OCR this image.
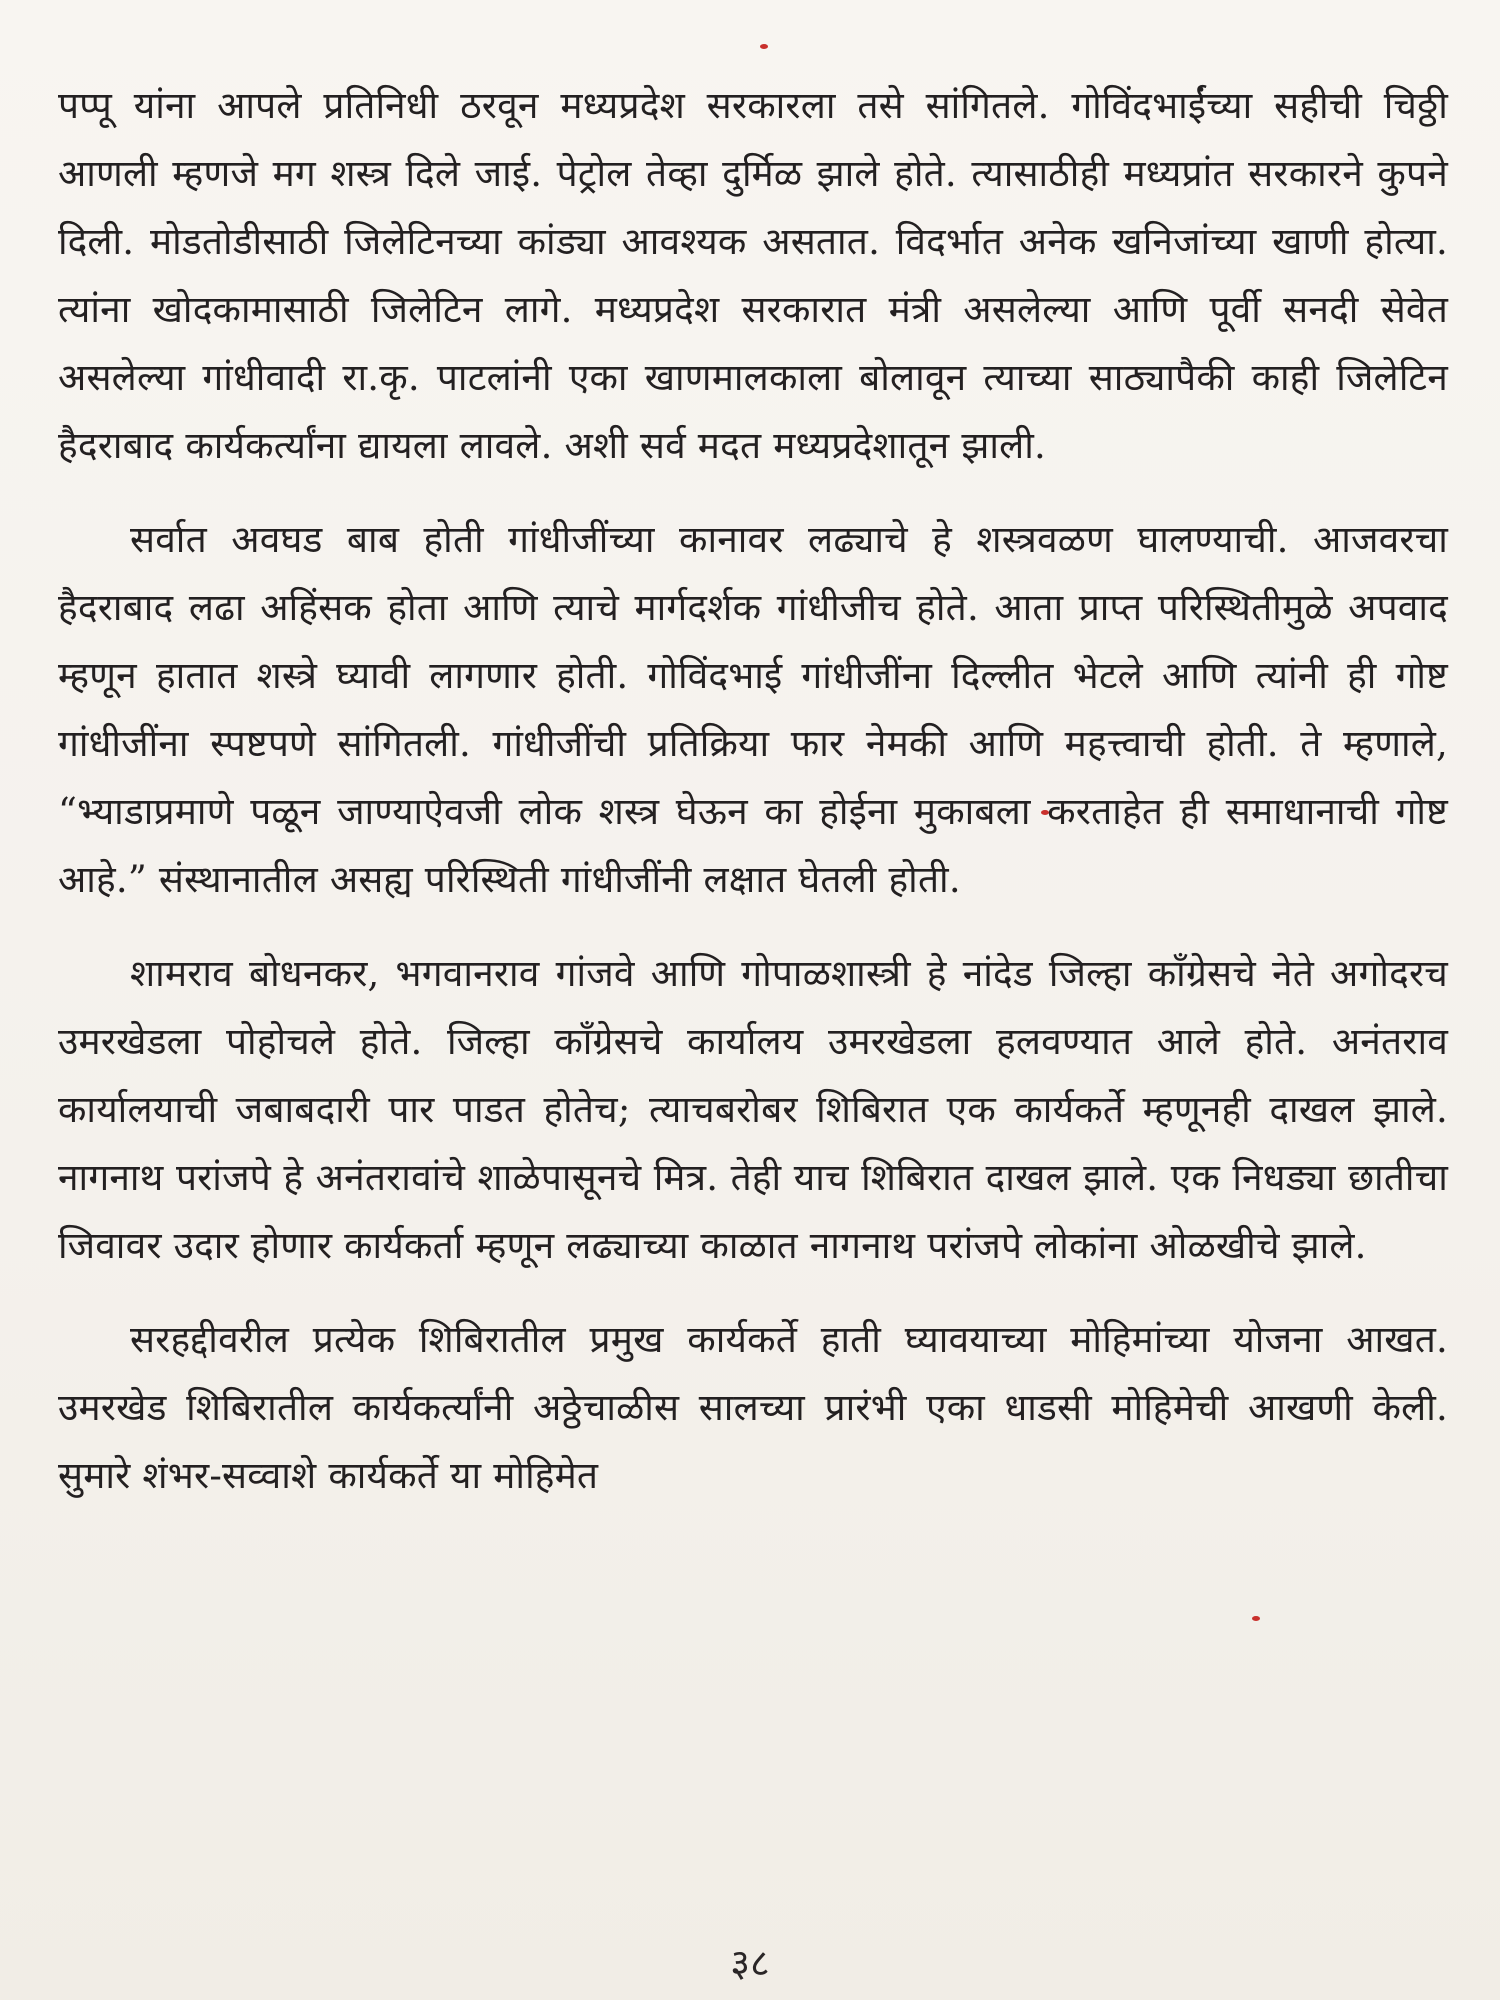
पप्पू यांना आपले प्रतिनिधी ठरवून मध्यप्रदेश सरकारला तसे सांगितले. गोविंदभाईंच्या सहीची चिठ्ठी आणली म्हणजे मग शस्त्र दिले जाई. पेट्रोल तेव्हा दुर्मिळ झाले होते. त्यासाठीही मध्यप्रांत सरकारने कुपने दिली. मोडतोडीसाठी जिलेटिनच्या कांड्या आवश्यक असतात. विदर्भात अनेक खनिजांच्या खाणी होत्या. त्यांना खोदकामासाठी जिलेटिन लागे. मध्यप्रदेश सरकारात मंत्री असलेल्या आणि पूर्वी सनदी सेवेत असलेल्या गांधीवादी रा.कृ. पाटलांनी एका खाणमालकाला बोलावून त्याच्या साठ्यापैकी काही जिलेटिन हैदराबाद कार्यकर्त्यांना द्यायला लावले. अशी सर्व मदत मध्यप्रदेशातून झाली.

सर्वात अवघड बाब होती गांधीजींच्या कानावर लढ्याचे हे शस्त्रवळण घालण्याची. आजवरचा हैदराबाद लढा अहिंसक होता आणि त्याचे मार्गदर्शक गांधीजीच होते. आता प्राप्त परिस्थितीमुळे अपवाद म्हणून हातात शस्त्रे घ्यावी लागणार होती. गोविंदभाई गांधीजींना दिल्लीत भेटले आणि त्यांनी ही गोष्ट गांधीजींना स्पष्टपणे सांगितली. गांधीजींची प्रतिक्रिया फार नेमकी आणि महत्त्वाची होती. ते म्हणाले, “भ्याडाप्रमाणे पळून जाण्याऐवजी लोक शस्त्र घेऊन का होईना मुकाबला करताहेत ही समाधानाची गोष्ट आहे.” संस्थानातील असह्य परिस्थिती गांधीजींनी लक्षात घेतली होती.

शामराव बोधनकर, भगवानराव गांजवे आणि गोपाळशास्त्री हे नांदेड जिल्हा काँग्रेसचे नेते अगोदरच उमरखेडला पोहोचले होते. जिल्हा काँग्रेसचे कार्यालय उमरखेडला हलवण्यात आले होते. अनंतराव कार्यालयाची जबाबदारी पार पाडत होतेच; त्याचबरोबर शिबिरात एक कार्यकर्ते म्हणूनही दाखल झाले. नागनाथ परांजपे हे अनंतरावांचे शाळेपासूनचे मित्र. तेही याच शिबिरात दाखल झाले. एक निधड्या छातीचा जिवावर उदार होणार कार्यकर्ता म्हणून लढ्याच्या काळात नागनाथ परांजपे लोकांना ओळखीचे झाले.

सरहद्दीवरील प्रत्येक शिबिरातील प्रमुख कार्यकर्ते हाती घ्यावयाच्या मोहिमांच्या योजना आखत. उमरखेड शिबिरातील कार्यकर्त्यांनी अठ्ठेचाळीस सालच्या प्रारंभी एका धाडसी मोहिमेची आखणी केली. सुमारे शंभर-सव्वाशे कार्यकर्ते या मोहिमेत

३८
